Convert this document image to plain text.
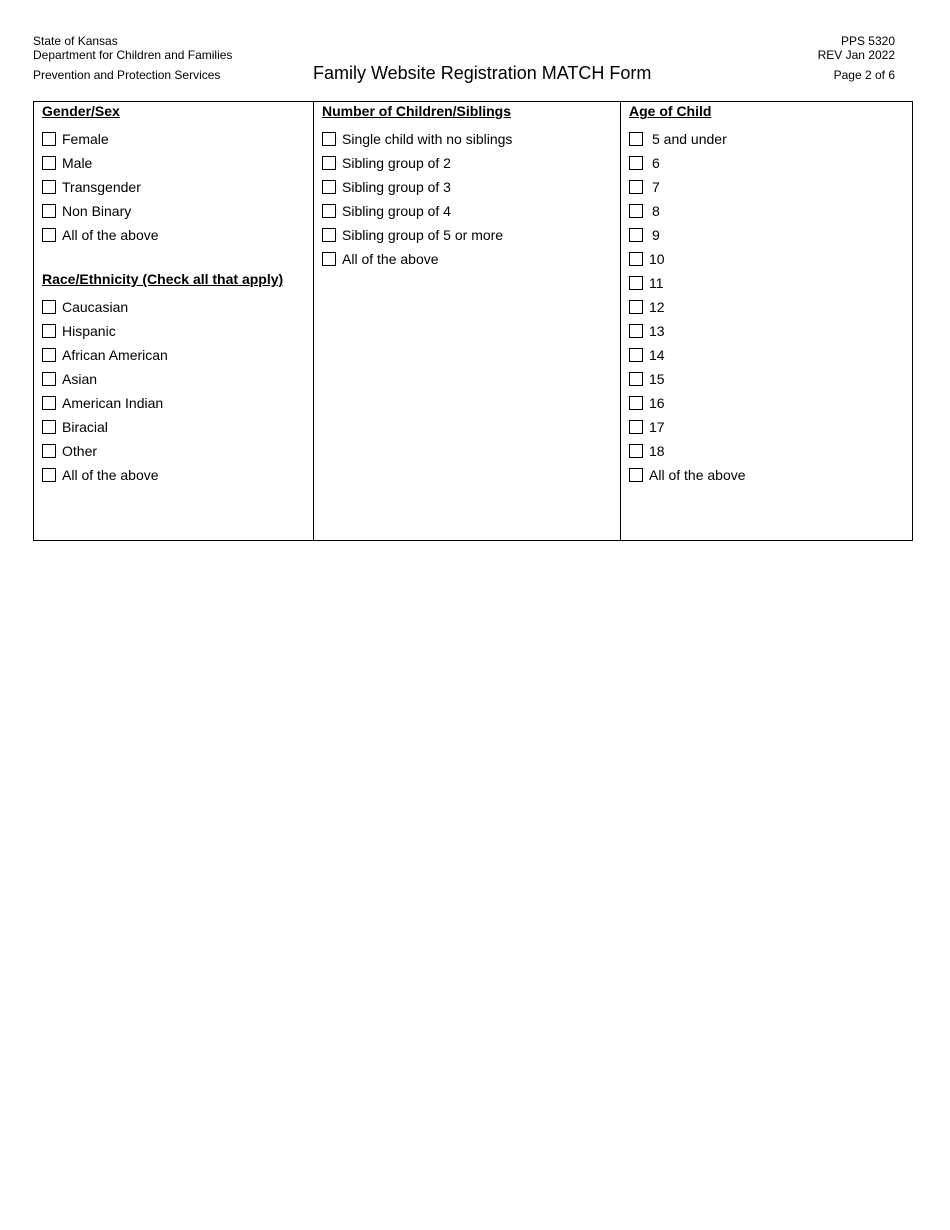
State of Kansas
Department for Children and Families
Prevention and Protection Services	Family Website Registration MATCH Form
PPS 5320
REV Jan 2022
Page 2 of 6
Gender/Sex
Female
Male
Transgender
Non Binary
All of the above
Race/Ethnicity (Check all that apply)
Caucasian
Hispanic
African American
Asian
American Indian
Biracial
Other
All of the above
Number of Children/Siblings
Single child with no siblings
Sibling group of 2
Sibling group of 3
Sibling group of 4
Sibling group of 5 or more
All of the above
Age of Child
5 and under
6
7
8
9
10
11
12
13
14
15
16
17
18
All of the above
